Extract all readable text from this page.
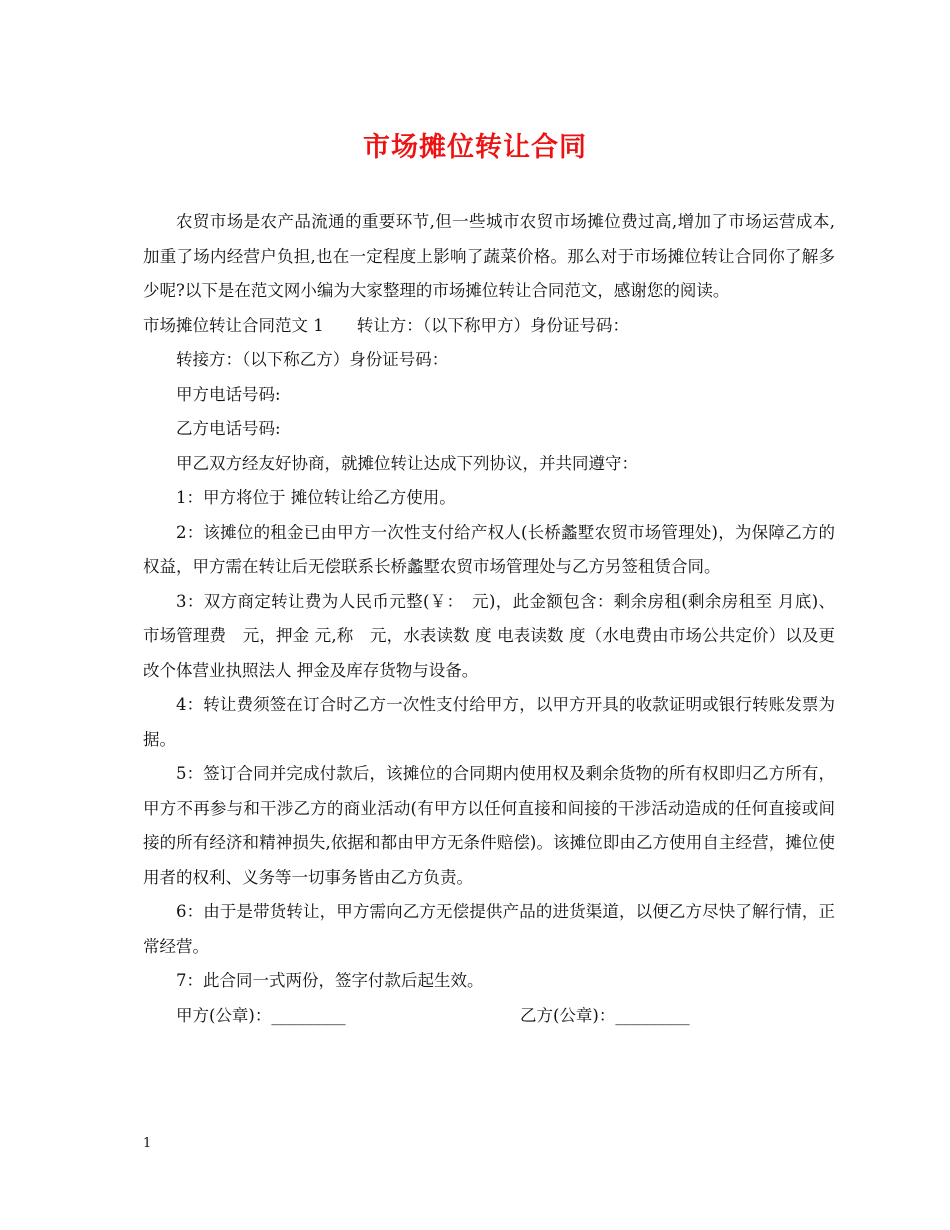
市场摊位转让合同

农贸市场是农产品流通的重要环节,但一些城市农贸市场摊位费过高,增加了市场运营成本,加重了场内经营户负担,也在一定程度上影响了蔬菜价格。那么对于市场摊位转让合同你了解多少呢?以下是在范文网小编为大家整理的市场摊位转让合同范文，感谢您的阅读。

市场摊位转让合同范文 1　　转让方：（以下称甲方）身份证号码：

转接方：（以下称乙方）身份证号码：

甲方电话号码:

乙方电话号码:

甲乙双方经友好协商，就摊位转让达成下列协议，并共同遵守：

1：甲方将位于 摊位转让给乙方使用。

2：该摊位的租金已由甲方一次性支付给产权人(长桥蠡墅农贸市场管理处)，为保障乙方的权益，甲方需在转让后无偿联系长桥蠡墅农贸市场管理处与乙方另签租赁合同。

3：双方商定转让费为人民币元整(￥：　元)，此金额包含：剩余房租(剩余房租至 月底)、市场管理费　元，押金 元,称　元，水表读数 度 电表读数 度（水电费由市场公共定价）以及更改个体营业执照法人 押金及库存货物与设备。

4：转让费须签在订合时乙方一次性支付给甲方，以甲方开具的收款证明或银行转账发票为据。

5：签订合同并完成付款后，该摊位的合同期内使用权及剩余货物的所有权即归乙方所有，甲方不再参与和干涉乙方的商业活动(有甲方以任何直接和间接的干涉活动造成的任何直接或间接的所有经济和精神损失,依据和都由甲方无条件赔偿)。该摊位即由乙方使用自主经营，摊位使用者的权利、义务等一切事务皆由乙方负责。

6：由于是带货转让，甲方需向乙方无偿提供产品的进货渠道，以便乙方尽快了解行情，正常经营。

7：此合同一式两份，签字付款后起生效。

甲方(公章)：_________	乙方(公章)：_________
1
